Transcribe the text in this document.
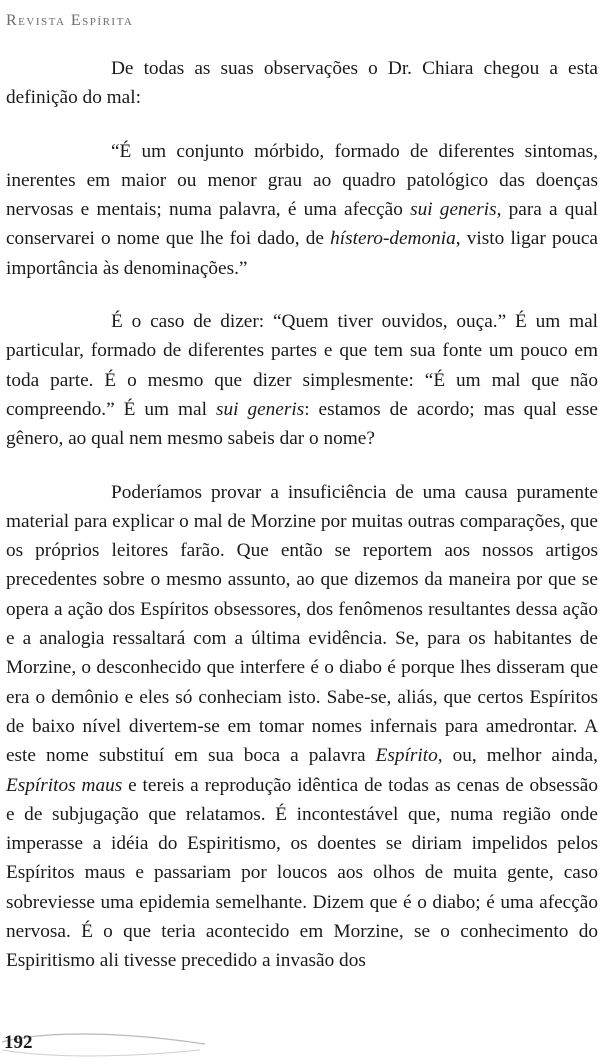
Revista Espírita

De todas as suas observações o Dr. Chiara chegou a esta definição do mal:

“É um conjunto mórbido, formado de diferentes sintomas, inerentes em maior ou menor grau ao quadro patológico das doenças nervosas e mentais; numa palavra, é uma afecção sui generis, para a qual conservarei o nome que lhe foi dado, de hístero-demonia, visto ligar pouca importância às denominações.”

É o caso de dizer: “Quem tiver ouvidos, ouça.” É um mal particular, formado de diferentes partes e que tem sua fonte um pouco em toda parte. É o mesmo que dizer simplesmente: “É um mal que não compreendo.” É um mal sui generis: estamos de acordo; mas qual esse gênero, ao qual nem mesmo sabeis dar o nome?

Poderíamos provar a insuficiência de uma causa puramente material para explicar o mal de Morzine por muitas outras comparações, que os próprios leitores farão. Que então se reportem aos nossos artigos precedentes sobre o mesmo assunto, ao que dizemos da maneira por que se opera a ação dos Espíritos obsessores, dos fenômenos resultantes dessa ação e a analogia ressaltará com a última evidência. Se, para os habitantes de Morzine, o desconhecido que interfere é o diabo é porque lhes disseram que era o demônio e eles só conheciam isto. Sabe-se, aliás, que certos Espíritos de baixo nível divertem-se em tomar nomes infernais para amedrontar. A este nome substituí em sua boca a palavra Espírito, ou, melhor ainda, Espíritos maus e tereis a reprodução idêntica de todas as cenas de obsessão e de subjugação que relatamos. É incontestável que, numa região onde imperasse a idéia do Espiritismo, os doentes se diriam impelidos pelos Espíritos maus e passariam por loucos aos olhos de muita gente, caso sobreviesse uma epidemia semelhante. Dizem que é o diabo; é uma afecção nervosa. É o que teria acontecido em Morzine, se o conhecimento do Espiritismo ali tivesse precedido a invasão dos

192
